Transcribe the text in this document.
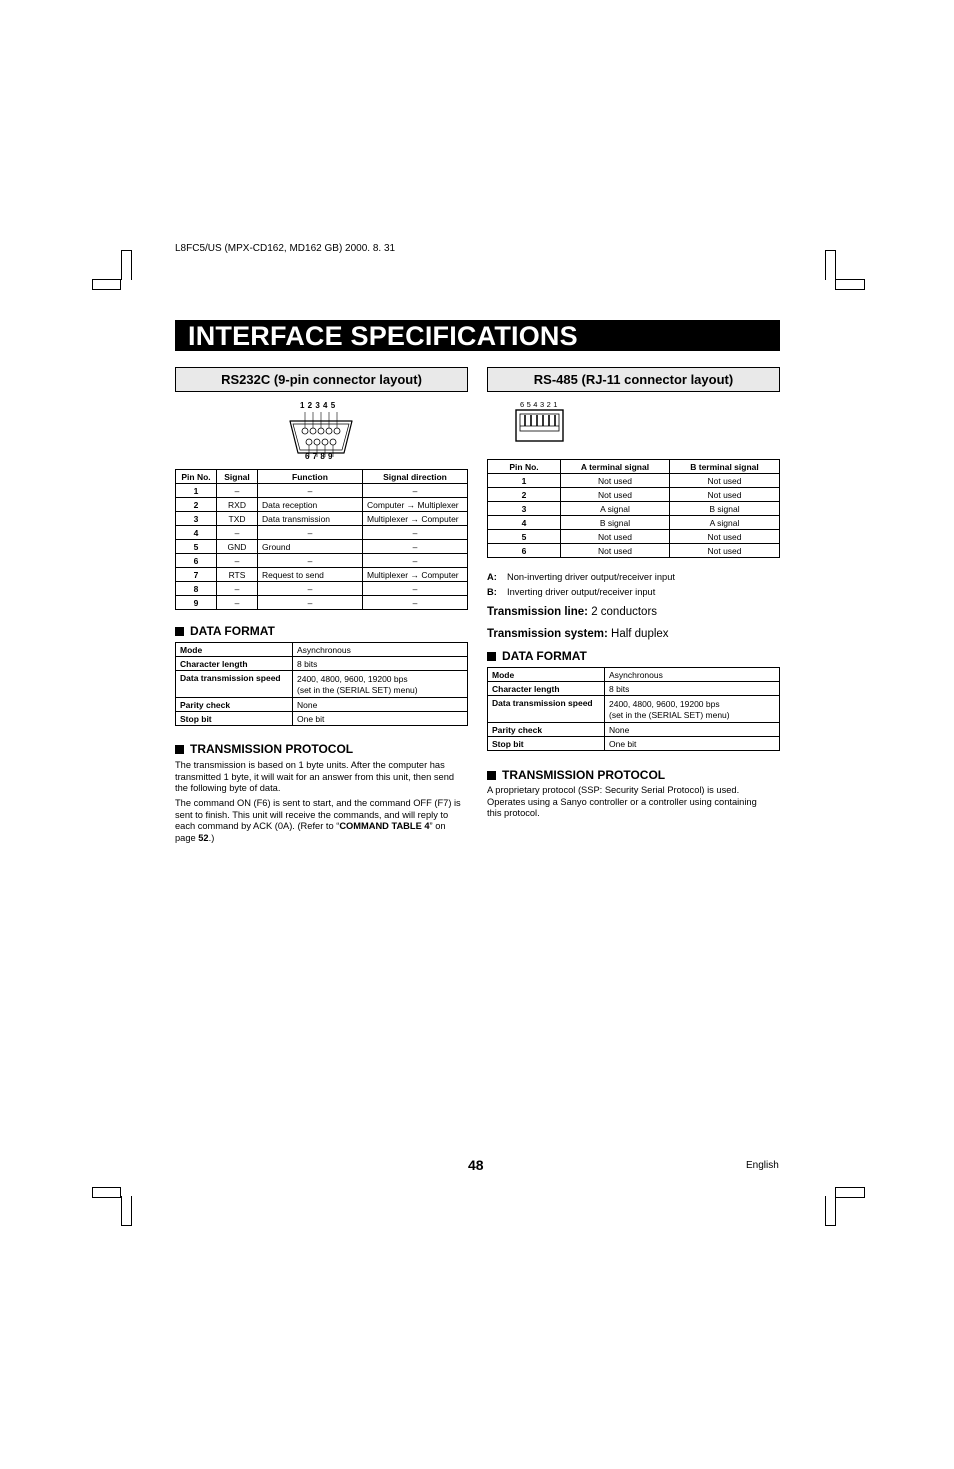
L8FC5/US (MPX-CD162, MD162 GB) 2000. 8. 31
INTERFACE SPECIFICATIONS
RS232C (9-pin connector layout)
1 2 3 4 5
6 7 8 9
Pin No.	Signal	Function	Signal direction
1	–	–	–
2	RXD	Data reception	Computer → Multiplexer
3	TXD	Data transmission	Multiplexer → Computer
4	–	–	–
5	GND	Ground	–
6	–	–	–
7	RTS	Request to send	Multiplexer → Computer
8	–	–	–
9	–	–	–
DATA FORMAT
Mode	Asynchronous
Character length	8 bits
Data transmission speed	2400, 4800, 9600, 19200 bps
(set in the (SERIAL SET) menu)

Parity check	None
Stop bit	One bit
TRANSMISSION PROTOCOL
The transmission is based on 1 byte units. After the computer has transmitted 1 byte, it will wait for an answer from this unit, then send the following byte of data.
The command ON (F6) is sent to start, and the command OFF (F7) is sent to finish. This unit will receive the commands, and will reply to each command by ACK (0A). (Refer to “COMMAND TABLE 4” on page 52.)
RS-485 (RJ-11 connector layout)
6 5 4 3 2 1
Pin No.	A terminal signal	B terminal signal
1	Not used	Not used
2	Not used	Not used
3	A signal	B signal
4	B signal	A signal
5	Not used	Not used
6	Not used	Not used
A: Non-inverting driver output/receiver input
B: Inverting driver output/receiver input
Transmission line: 2 conductors
Transmission system: Half duplex
DATA FORMAT
Mode	Asynchronous
Character length	8 bits
Data transmission speed	2400, 4800, 9600, 19200 bps
(set in the (SERIAL SET) menu)

Parity check	None
Stop bit	One bit
TRANSMISSION PROTOCOL
A proprietary protocol (SSP: Security Serial Protocol) is used. Operates using a Sanyo controller or a controller using containing this protocol.
48	English
